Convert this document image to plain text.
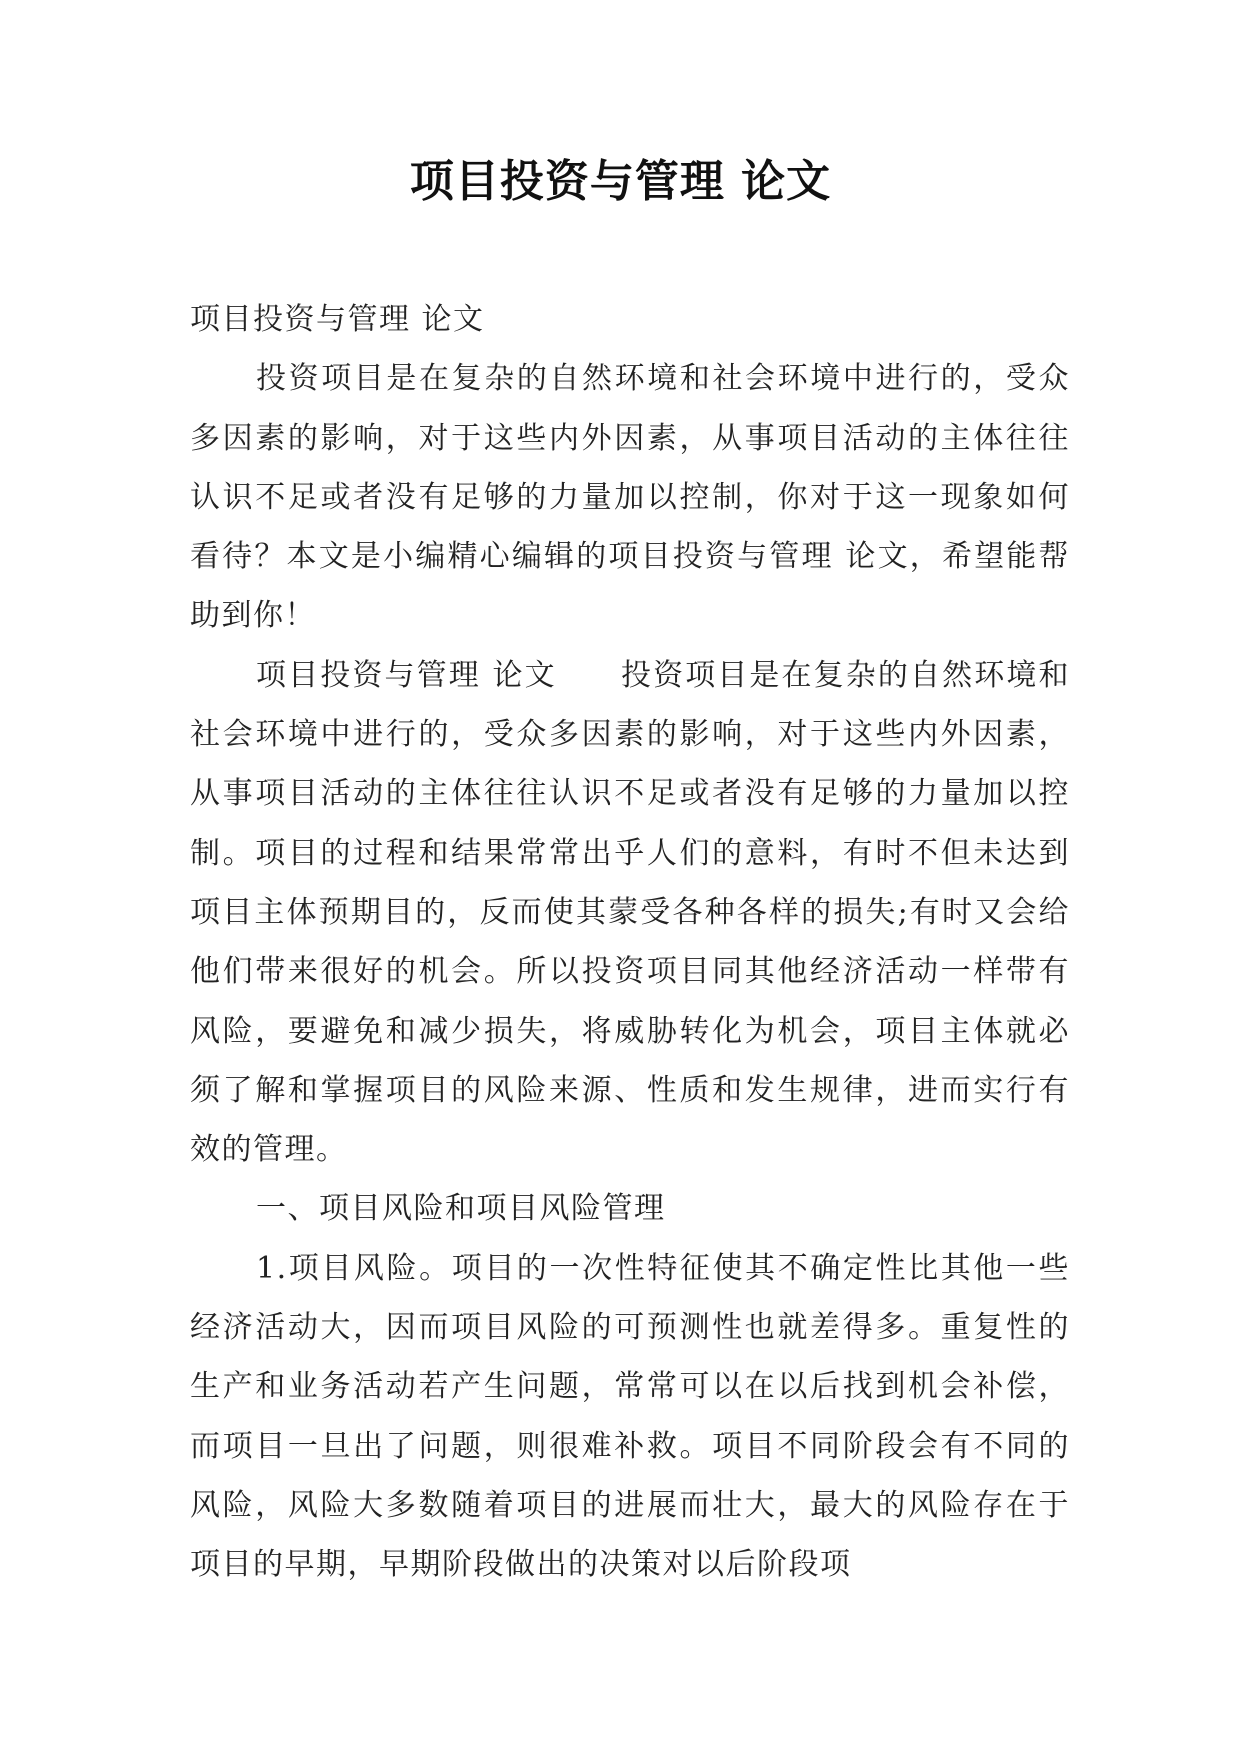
项目投资与管理 论文

项目投资与管理 论文

投资项目是在复杂的自然环境和社会环境中进行的，受众多因素的影响，对于这些内外因素，从事项目活动的主体往往认识不足或者没有足够的力量加以控制，你对于这一现象如何看待？本文是小编精心编辑的项目投资与管理 论文，希望能帮助到你！

项目投资与管理 论文　　投资项目是在复杂的自然环境和社会环境中进行的，受众多因素的影响，对于这些内外因素，从事项目活动的主体往往认识不足或者没有足够的力量加以控制。项目的过程和结果常常出乎人们的意料，有时不但未达到项目主体预期目的，反而使其蒙受各种各样的损失;有时又会给他们带来很好的机会。所以投资项目同其他经济活动一样带有风险，要避免和减少损失，将威胁转化为机会，项目主体就必须了解和掌握项目的风险来源、性质和发生规律，进而实行有效的管理。

一、项目风险和项目风险管理

1.项目风险。项目的一次性特征使其不确定性比其他一些经济活动大，因而项目风险的可预测性也就差得多。重复性的生产和业务活动若产生问题，常常可以在以后找到机会补偿，而项目一旦出了问题，则很难补救。项目不同阶段会有不同的风险，风险大多数随着项目的进展而壮大，最大的风险存在于项目的早期，早期阶段做出的决策对以后阶段项
